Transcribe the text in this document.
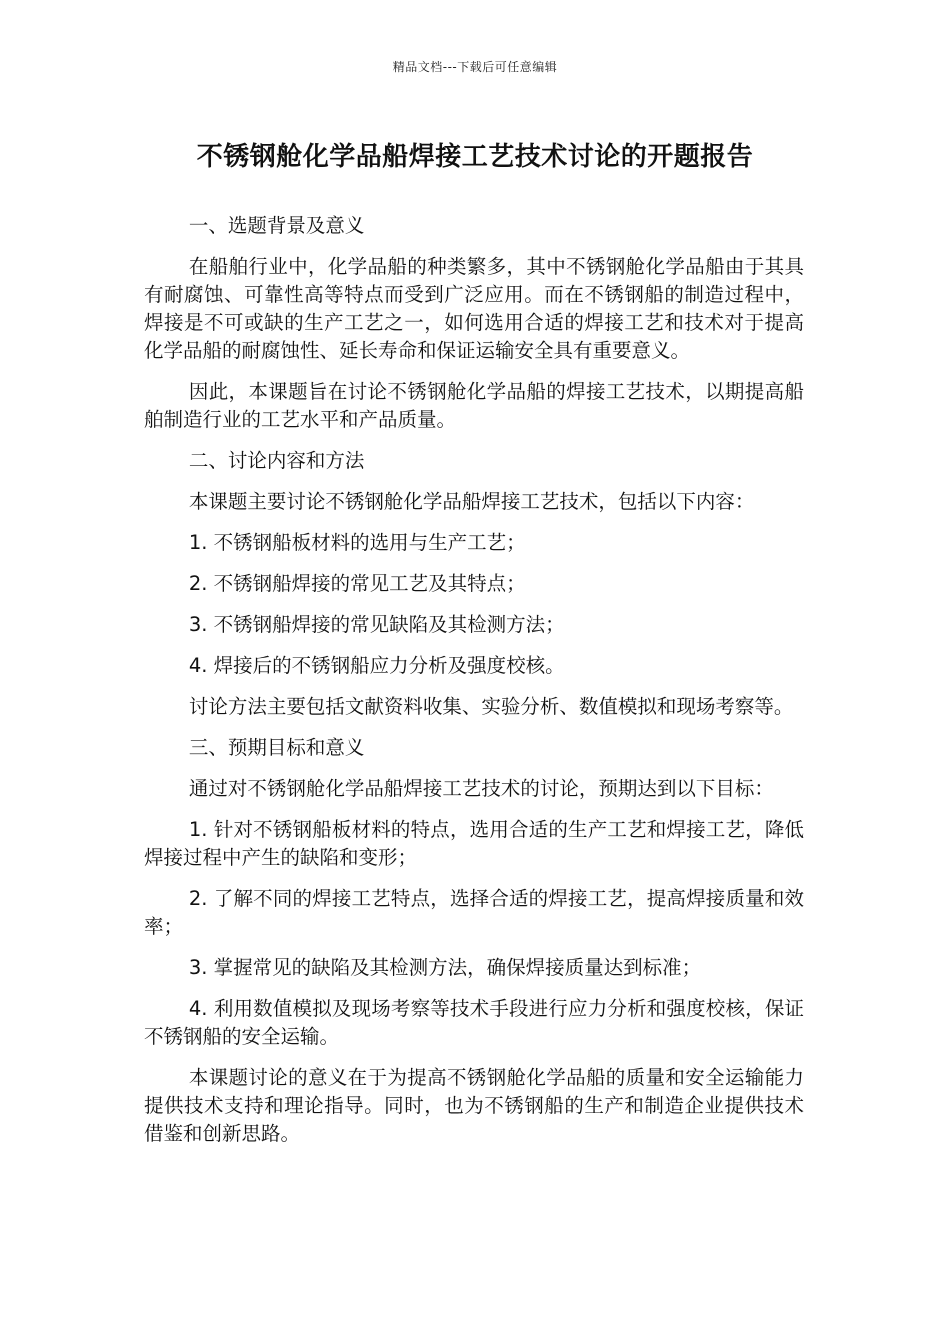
精品文档---下载后可任意编辑
不锈钢舱化学品船焊接工艺技术讨论的开题报告
一、选题背景及意义

在船舶行业中，化学品船的种类繁多，其中不锈钢舱化学品船由于其具有耐腐蚀、可靠性高等特点而受到广泛应用。而在不锈钢船的制造过程中，焊接是不可或缺的生产工艺之一，如何选用合适的焊接工艺和技术对于提高化学品船的耐腐蚀性、延长寿命和保证运输安全具有重要意义。

因此，本课题旨在讨论不锈钢舱化学品船的焊接工艺技术，以期提高船舶制造行业的工艺水平和产品质量。

二、讨论内容和方法

本课题主要讨论不锈钢舱化学品船焊接工艺技术，包括以下内容：

1. 不锈钢船板材料的选用与生产工艺；

2. 不锈钢船焊接的常见工艺及其特点；

3. 不锈钢船焊接的常见缺陷及其检测方法；

4. 焊接后的不锈钢船应力分析及强度校核。

讨论方法主要包括文献资料收集、实验分析、数值模拟和现场考察等。

三、预期目标和意义

通过对不锈钢舱化学品船焊接工艺技术的讨论，预期达到以下目标：

1. 针对不锈钢船板材料的特点，选用合适的生产工艺和焊接工艺，降低焊接过程中产生的缺陷和变形；

2. 了解不同的焊接工艺特点，选择合适的焊接工艺，提高焊接质量和效率；

3. 掌握常见的缺陷及其检测方法，确保焊接质量达到标准；

4. 利用数值模拟及现场考察等技术手段进行应力分析和强度校核，保证不锈钢船的安全运输。

本课题讨论的意义在于为提高不锈钢舱化学品船的质量和安全运输能力提供技术支持和理论指导。同时，也为不锈钢船的生产和制造企业提供技术借鉴和创新思路。
